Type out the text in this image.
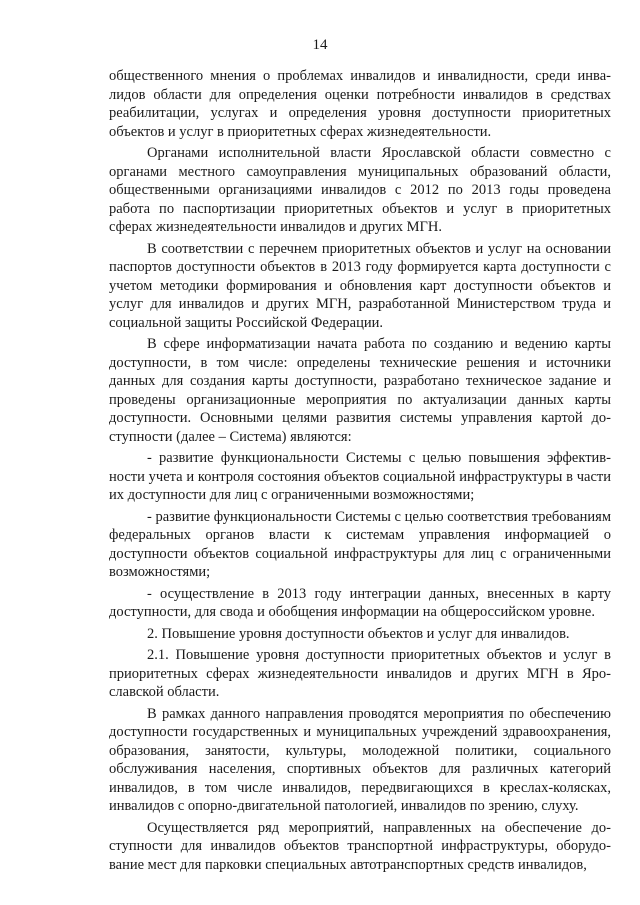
14

общественного мнения о проблемах инвалидов и инвалидности, среди инвалидов области для определения оценки потребности инвалидов в средствах реабилитации, услугах и определения уровня доступности приоритетных объектов и услуг в приоритетных сферах жизнедеятельности.

Органами исполнительной власти Ярославской области совместно с органами местного самоуправления муниципальных образований области, общественными организациями инвалидов с 2012 по 2013 годы проведена работа по паспортизации приоритетных объектов и услуг в приоритетных сферах жизнедеятельности инвалидов и других МГН.

В соответствии с перечнем приоритетных объектов и услуг на основании паспортов доступности объектов в 2013 году формируется карта доступности с учетом методики формирования и обновления карт доступности объектов и услуг для инвалидов и других МГН, разработанной Министерством труда и социальной защиты Российской Федерации.

В сфере информатизации начата работа по созданию и ведению карты доступности, в том числе: определены технические решения и источники данных для создания карты доступности, разработано техническое задание и проведены организационные мероприятия по актуализации данных карты доступности. Основными целями развития системы управления картой доступности (далее – Система) являются:

- развитие функциональности Системы с целью повышения эффективности учета и контроля состояния объектов социальной инфраструктуры в части их доступности для лиц с ограниченными возможностями;

- развитие функциональности Системы с целью соответствия требованиям федеральных органов власти к системам управления информацией о доступности объектов социальной инфраструктуры для лиц с ограниченными возможностями;

- осуществление в 2013 году интеграции данных, внесенных в карту доступности, для свода и обобщения информации на общероссийском уровне.

2. Повышение уровня доступности объектов и услуг для инвалидов.

2.1. Повышение уровня доступности приоритетных объектов и услуг в приоритетных сферах жизнедеятельности инвалидов и других МГН в Ярославской области.

В рамках данного направления проводятся мероприятия по обеспечению доступности государственных и муниципальных учреждений здравоохранения, образования, занятости, культуры, молодежной политики, социального обслуживания населения, спортивных объектов для различных категорий инвалидов, в том числе инвалидов, передвигающихся в креслах-колясках, инвалидов с опорно-двигательной патологией, инвалидов по зрению, слуху.

Осуществляется ряд мероприятий, направленных на обеспечение доступности для инвалидов объектов транспортной инфраструктуры, оборудование мест для парковки специальных автотранспортных средств инвалидов,
